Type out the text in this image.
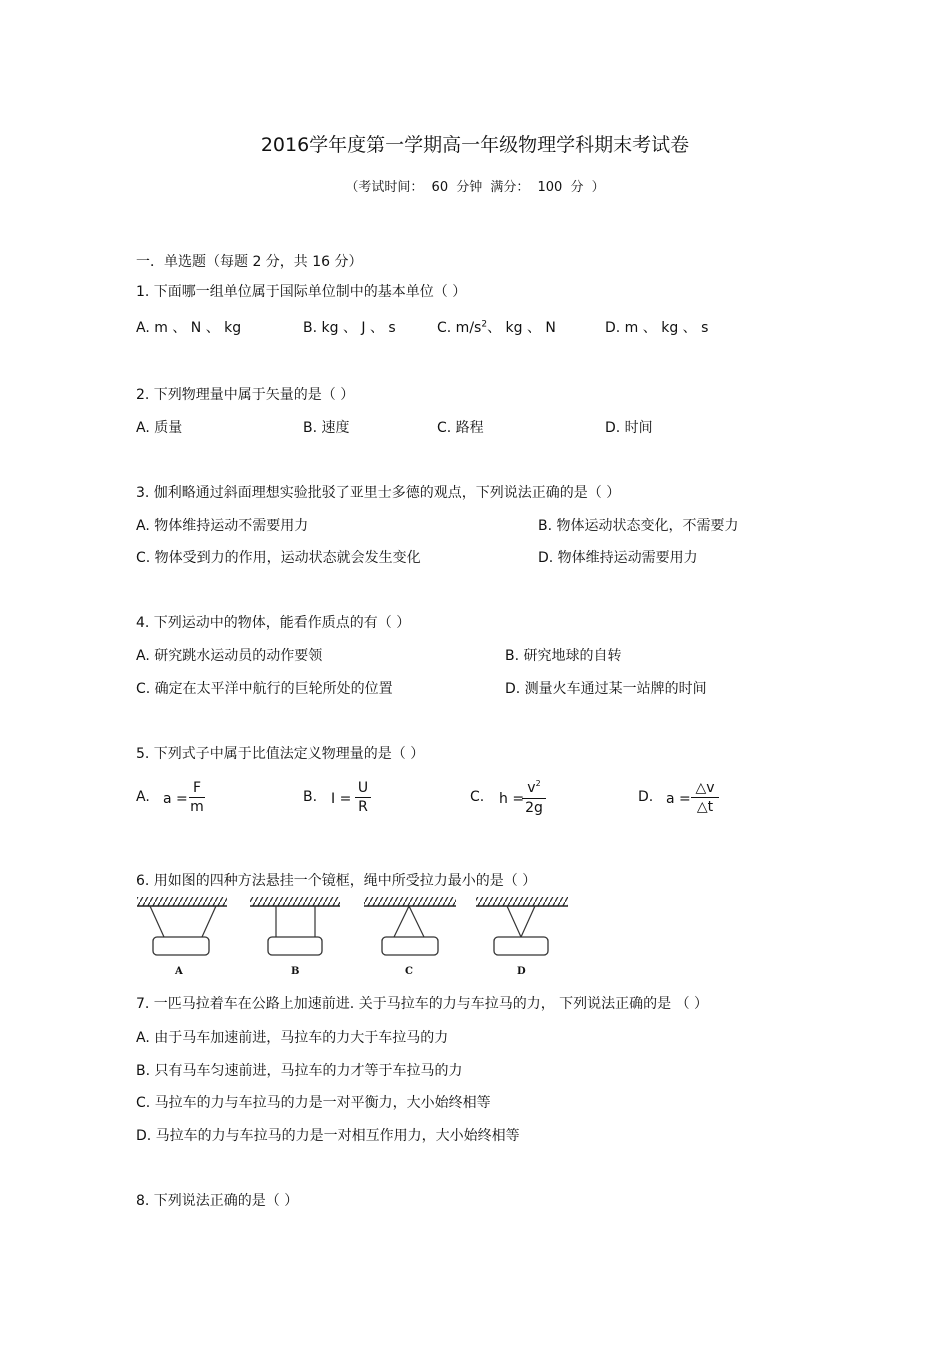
2016学年度第一学期高一年级物理学科期末考试卷
（考试时间： 60 分钟 满分： 100 分 ）
一．单选题（每题 2 分，共 16 分）
1. 下面哪一组单位属于国际单位制中的基本单位（ ）
A. m 、 N 、 kg	B. kg 、 J 、 s	C. $m/s^2$、 kg 、 N	D. m 、 kg 、 s
2. 下列物理量中属于矢量的是（ ）
A. 质量	B. 速度	C. 路程	D. 时间
3. 伽利略通过斜面理想实验批驳了亚里士多德的观点，下列说法正确的是（ ）
A. 物体维持运动不需要用力	B. 物体运动状态变化，不需要力
C. 物体受到力的作用，运动状态就会发生变化	D. 物体维持运动需要用力
4. 下列运动中的物体，能看作质点的有（ ）
A. 研究跳水运动员的动作要领	B. 研究地球的自转
C. 确定在太平洋中航行的巨轮所处的位置	D. 测量火车通过某一站牌的时间
5. 下列式子中属于比值法定义物理量的是（ ）
A. a =
F
m
B. I =
U
R
C. h =
$v^2$
2g
D. a =
△v
△t
6. 用如图的四种方法悬挂一个镜框，绳中所受拉力最小的是（ ）
A	B	C	D
7. 一匹马拉着车在公路上加速前进. 关于马拉车的力与车拉马的力， 下列说法正确的是 （ ）
A. 由于马车加速前进，马拉车的力大于车拉马的力
B. 只有马车匀速前进，马拉车的力才等于车拉马的力
C. 马拉车的力与车拉马的力是一对平衡力，大小始终相等
D. 马拉车的力与车拉马的力是一对相互作用力，大小始终相等
8. 下列说法正确的是（ ）
